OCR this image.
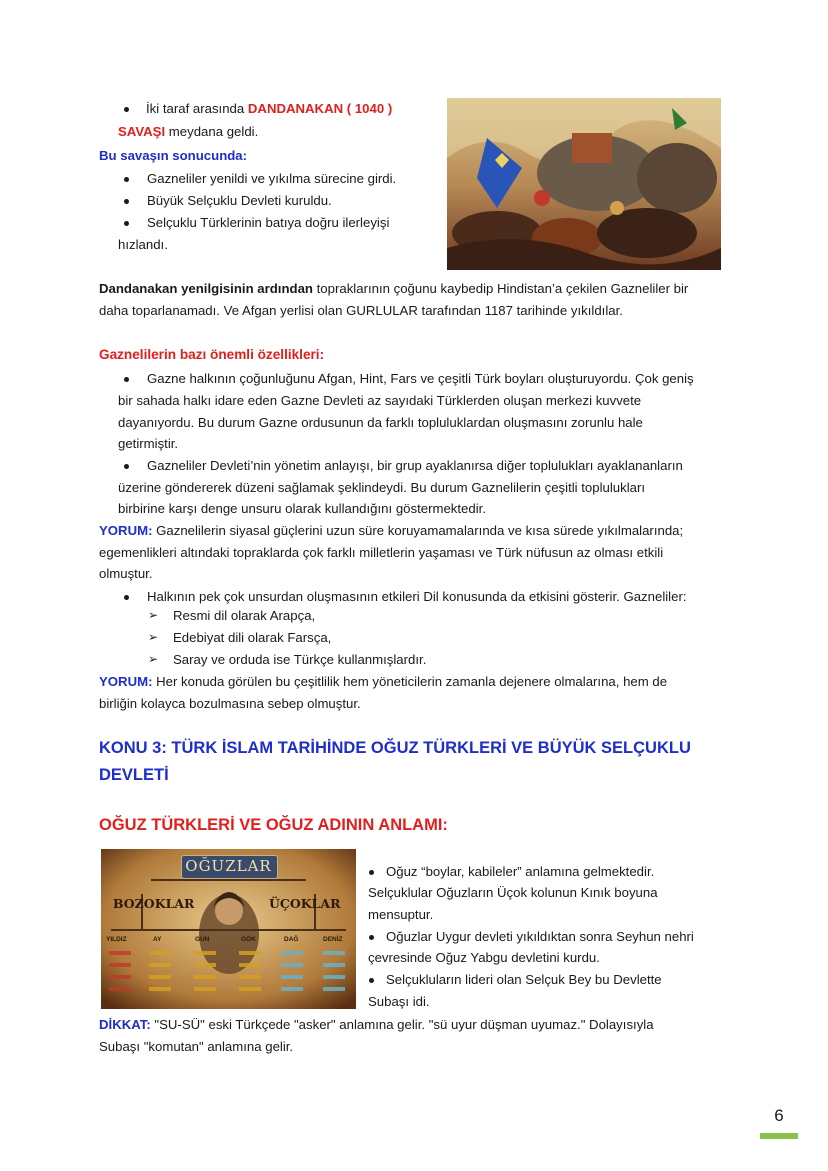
İki taraf arasında DANDANAKAN ( 1040 )
SAVAŞI meydana geldi.
Bu savaşın sonucunda:
Gazneliler yenildi ve yıkılma sürecine girdi.
Büyük Selçuklu Devleti kuruldu.
Selçuklu Türklerinin batıya doğru ilerleyişi
hızlandı.
Dandanakan yenilgisinin ardından topraklarının çoğunu kaybedip Hindistan’a çekilen Gazneliler bir
daha toparlanamadı. Ve Afgan yerlisi olan GURLULAR tarafından 1187 tarihinde yıkıldılar.
Gaznelilerin bazı önemli özellikleri:
Gazne halkının çoğunluğunu Afgan, Hint, Fars ve çeşitli Türk boyları oluşturuyordu. Çok geniş
bir sahada halkı idare eden Gazne Devleti az sayıdaki Türklerden oluşan merkezi kuvvete
dayanıyordu. Bu durum Gazne ordusunun da farklı topluluklardan oluşmasını zorunlu hale
getirmiştir.
Gazneliler Devleti’nin yönetim anlayışı, bir grup ayaklanırsa diğer toplulukları ayaklananların
üzerine göndererek düzeni sağlamak şeklindeydi. Bu durum Gaznelilerin çeşitli toplulukları
birbirine karşı denge unsuru olarak kullandığını göstermektedir.
YORUM: Gaznelilerin siyasal güçlerini uzun süre koruyamamalarında ve kısa sürede yıkılmalarında;
egemenlikleri altındaki topraklarda çok farklı milletlerin yaşaması ve Türk nüfusun az olması etkili
olmuştur.
Halkının pek çok unsurdan oluşmasının etkileri Dil konusunda da etkisini gösterir. Gazneliler:
➢ Resmi dil olarak Arapça,
➢ Edebiyat dili olarak Farsça,
➢ Saray ve orduda ise Türkçe kullanmışlardır.
YORUM: Her konuda görülen bu çeşitlilik hem yöneticilerin zamanla dejenere olmalarına, hem de
birliğin kolayca bozulmasına sebep olmuştur.
KONU 3: TÜRK İSLAM TARİHİNDE OĞUZ TÜRKLERİ VE BÜYÜK SELÇUKLU
DEVLETİ
OĞUZ TÜRKLERİ VE OĞUZ ADININ ANLAMI:
OĞUZLAR
BOZOKLAR	ÜÇOKLAR
YILDIZ	AY	GÜN	GÖK	DAĞ	DENİZ
Oğuz “boylar, kabileler” anlamına gelmektedir.
Selçuklular Oğuzların Üçok kolunun Kınık boyuna
mensuptur.
Oğuzlar Uygur devleti yıkıldıktan sonra Seyhun nehri
çevresinde Oğuz Yabgu devletini kurdu.
Selçukluların lideri olan Selçuk Bey bu Devlette
Subaşı idi.
DİKKAT: "SU-SÜ" eski Türkçede "asker" anlamına gelir. "sü uyur düşman uyumaz." Dolayısıyla
Subaşı "komutan" anlamına gelir.
6
